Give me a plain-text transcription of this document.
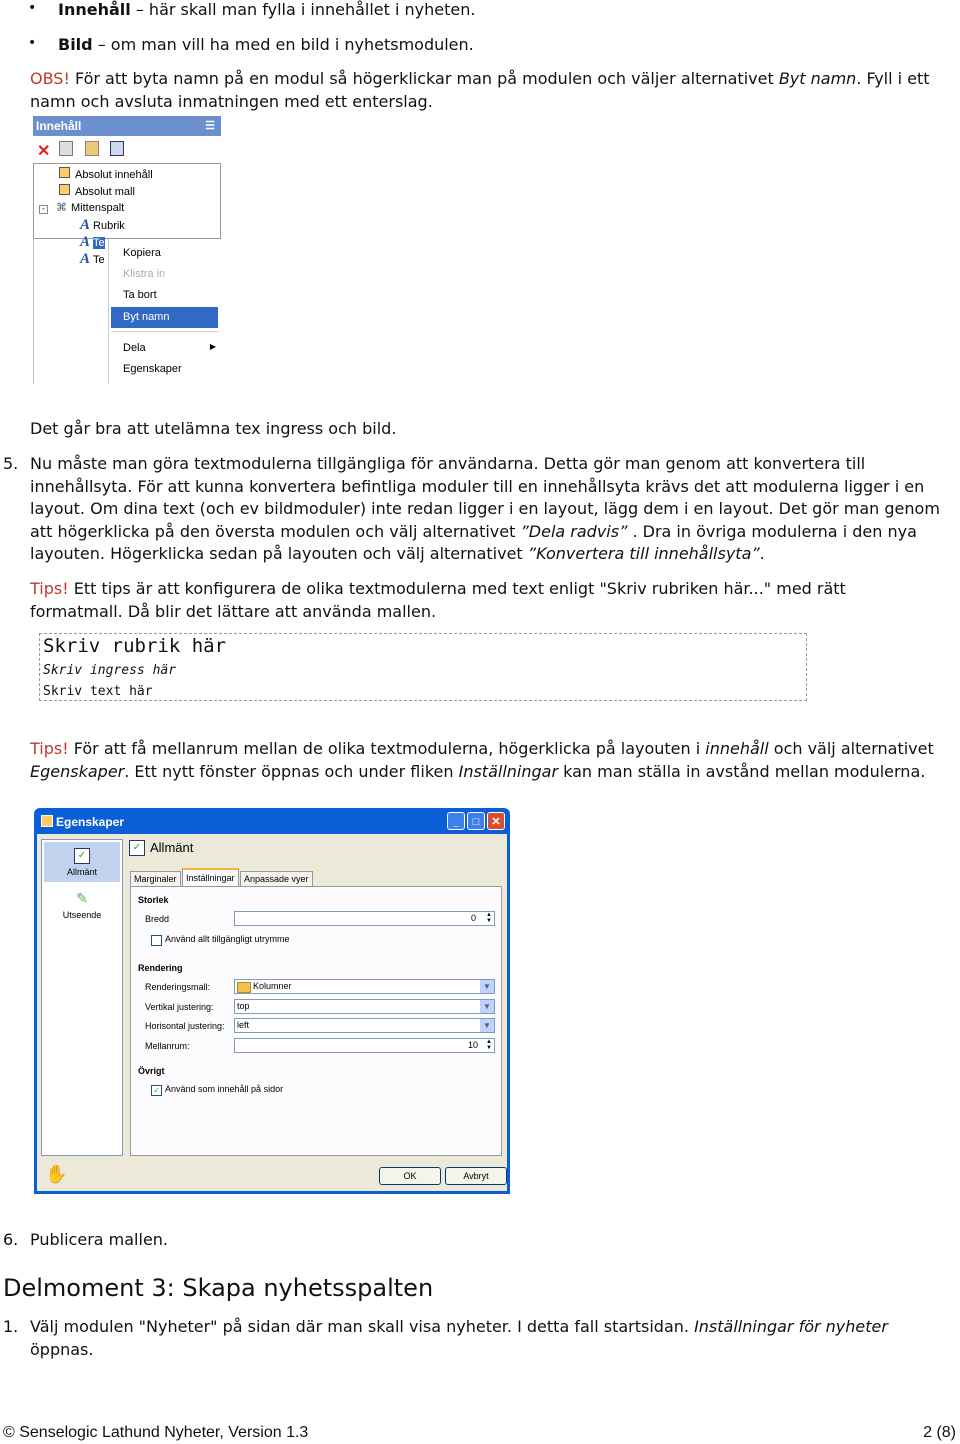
• Innehåll – här skall man fylla i innehållet i nyheten.
• Bild – om man vill ha med en bild i nyhetsmodulen.
OBS! För att byta namn på en modul så högerklickar man på modulen och väljer alternativet Byt namn. Fyll i ett
namn och avsluta inmatningen med ett enterslag.
Innehåll	☰
✕
Absolut innehåll
Absolut mall
- ⌘ Mittenspalt
A Rubrik
A Te
A Te
Kopiera
Klistra in
Ta bort
Byt namn
Dela	▶
Egenskaper
Det går bra att utelämna tex ingress och bild.
5. Nu måste man göra textmodulerna tillgängliga för användarna. Detta gör man genom att konvertera till
innehållsyta. För att kunna konvertera befintliga moduler till en innehållsyta krävs det att modulerna ligger i en
layout. Om dina text (och ev bildmoduler) inte redan ligger i en layout, lägg dem i en layout. Det gör man genom
att högerklicka på den översta modulen och välj alternativet ”Dela radvis” . Dra in övriga modulerna i den nya
layouten. Högerklicka sedan på layouten och välj alternativet ”Konvertera till innehållsyta”.
Tips! Ett tips är att konfigurera de olika textmodulerna med text enligt "Skriv rubriken här..." med rätt
formatmall. Då blir det lättare att använda mallen.
Skriv rubrik här
Skriv ingress här
Skriv text här
Tips! För att få mellanrum mellan de olika textmodulerna, högerklicka på layouten i innehåll och välj alternativet
Egenskaper. Ett nytt fönster öppnas och under fliken Inställningar kan man ställa in avstånd mellan modulerna.
Egenskaper	_	□	✕
✓
Allmänt
✎
Utseende
✓ Allmänt
Marginaler	Inställningar	Anpassade vyer
Storlek
Bredd	0 ▲
▼
Använd allt tillgängligt utrymme
Rendering
Renderingsmall:	Kolumner	▼
Vertikal justering:	top	▼
Horisontal justering: left	▼
Mellanrum:	10 ▲
▼
Övrigt
✓ Använd som innehåll på sidor
✋	OK	Avbryt
6. Publicera mallen.
Delmoment 3: Skapa nyhetsspalten
1. Välj modulen "Nyheter" på sidan där man skall visa nyheter. I detta fall startsidan. Inställningar för nyheter
öppnas.
© Senselogic Lathund Nyheter, Version 1.3	2 (8)
